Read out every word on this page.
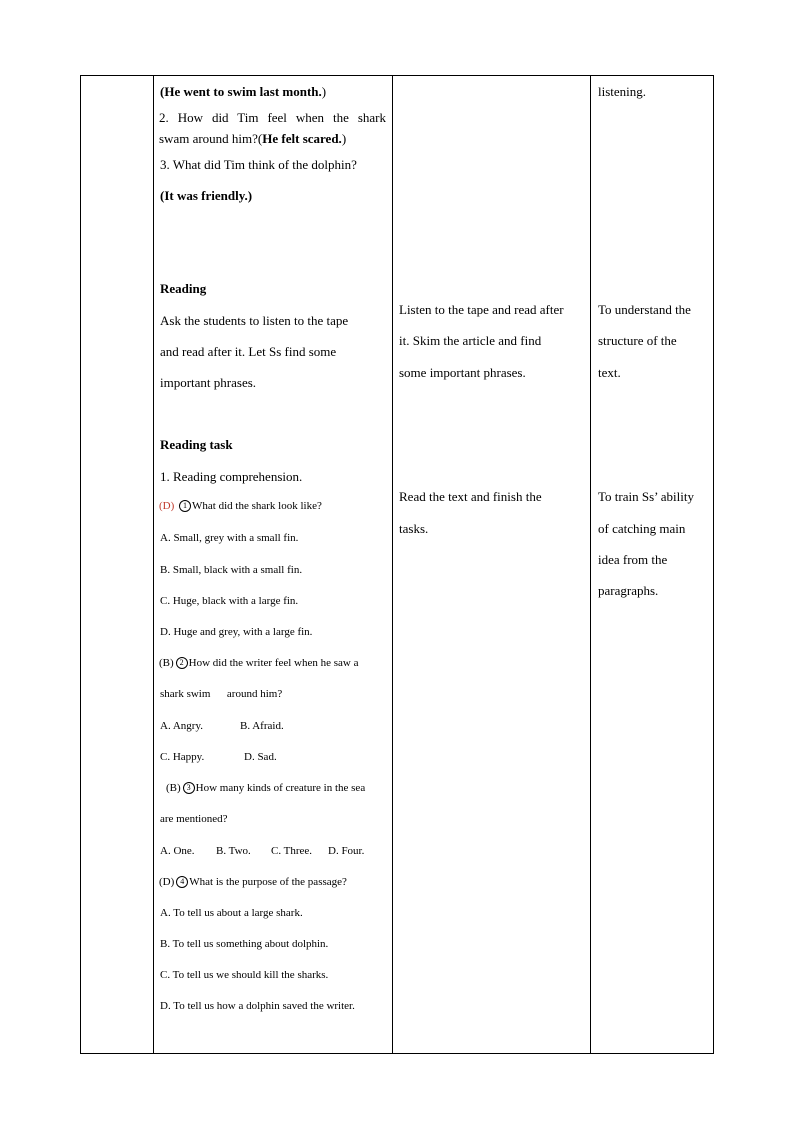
(He went to swim last month.)
2. How did Tim feel when the shark
swam around him?(He felt scared.)
3. What did Tim think of the dolphin?
(It was friendly.)
Reading
Ask the students to listen to the tape
and read after it. Let Ss find some
important phrases.
Reading task
1. Reading comprehension.
(D) 1 What did the shark look like?
A. Small, grey with a small fin.
B. Small, black with a small fin.
C. Huge, black with a large fin.
D. Huge and grey, with a large fin.
(B) 2 How did the writer feel when he saw a
shark swim      around him?
A. Angry.	B. Afraid.
C. Happy.	D. Sad.
(B) 3 How many kinds of creature in the sea
are mentioned?
A. One. B. Two. C. Three. D. Four.
(D) 4 What is the purpose of the passage?
A. To tell us about a large shark.
B. To tell us something about dolphin.
C. To tell us we should kill the sharks.
D. To tell us how a dolphin saved the writer.
Listen to the tape and read after
it. Skim the article and find
some important phrases.
Read the text and finish the
tasks.
listening.
To understand the
structure of the
text.
To train Ss’ ability
of catching main
idea from the
paragraphs.
